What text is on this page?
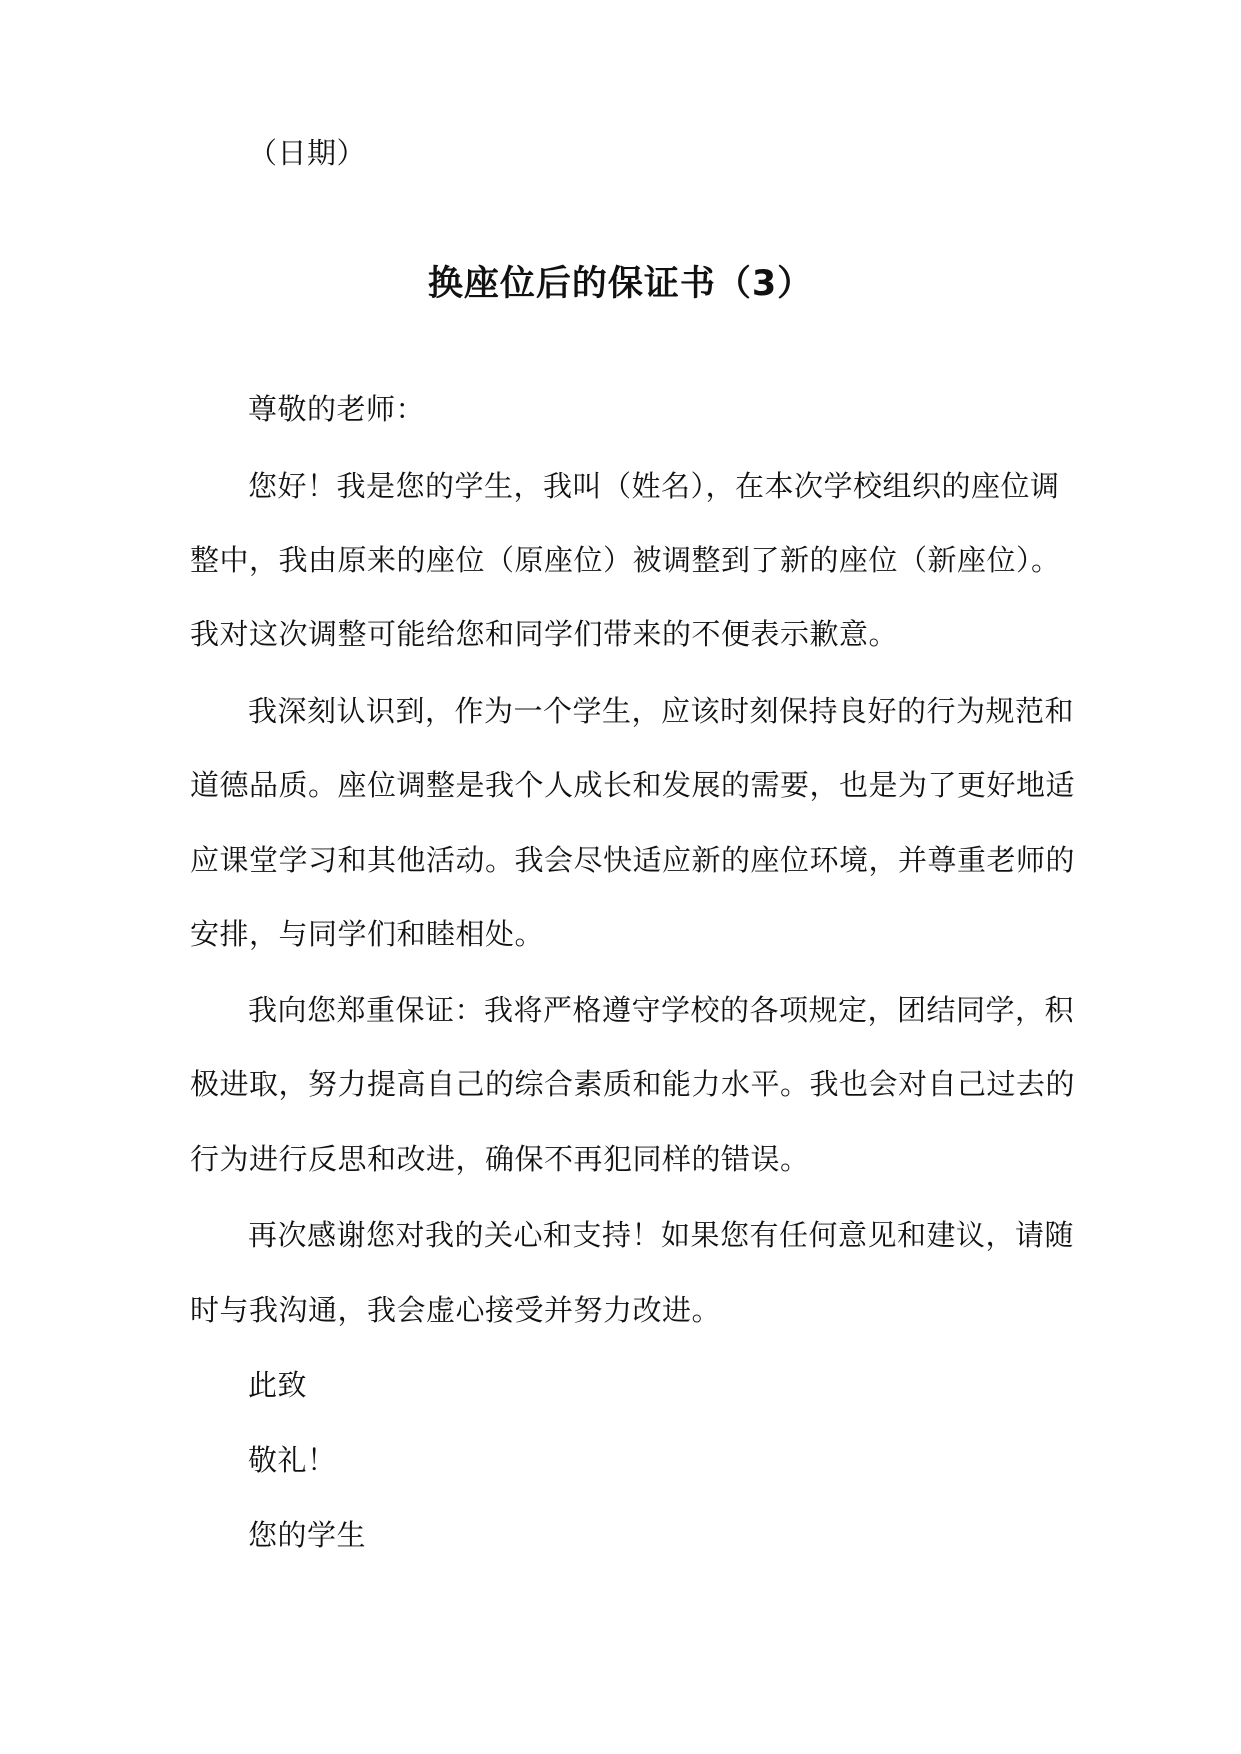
（日期）
换座位后的保证书（3）
尊敬的老师：
您好！我是您的学生，我叫（姓名），在本次学校组织的座位调
整中，我由原来的座位（原座位）被调整到了新的座位（新座位）。
我对这次调整可能给您和同学们带来的不便表示歉意。
我深刻认识到，作为一个学生，应该时刻保持良好的行为规范和
道德品质。座位调整是我个人成长和发展的需要，也是为了更好地适
应课堂学习和其他活动。我会尽快适应新的座位环境，并尊重老师的
安排，与同学们和睦相处。
我向您郑重保证：我将严格遵守学校的各项规定，团结同学，积
极进取，努力提高自己的综合素质和能力水平。我也会对自己过去的
行为进行反思和改进，确保不再犯同样的错误。
再次感谢您对我的关心和支持！如果您有任何意见和建议，请随
时与我沟通，我会虚心接受并努力改进。
此致
敬礼！
您的学生
